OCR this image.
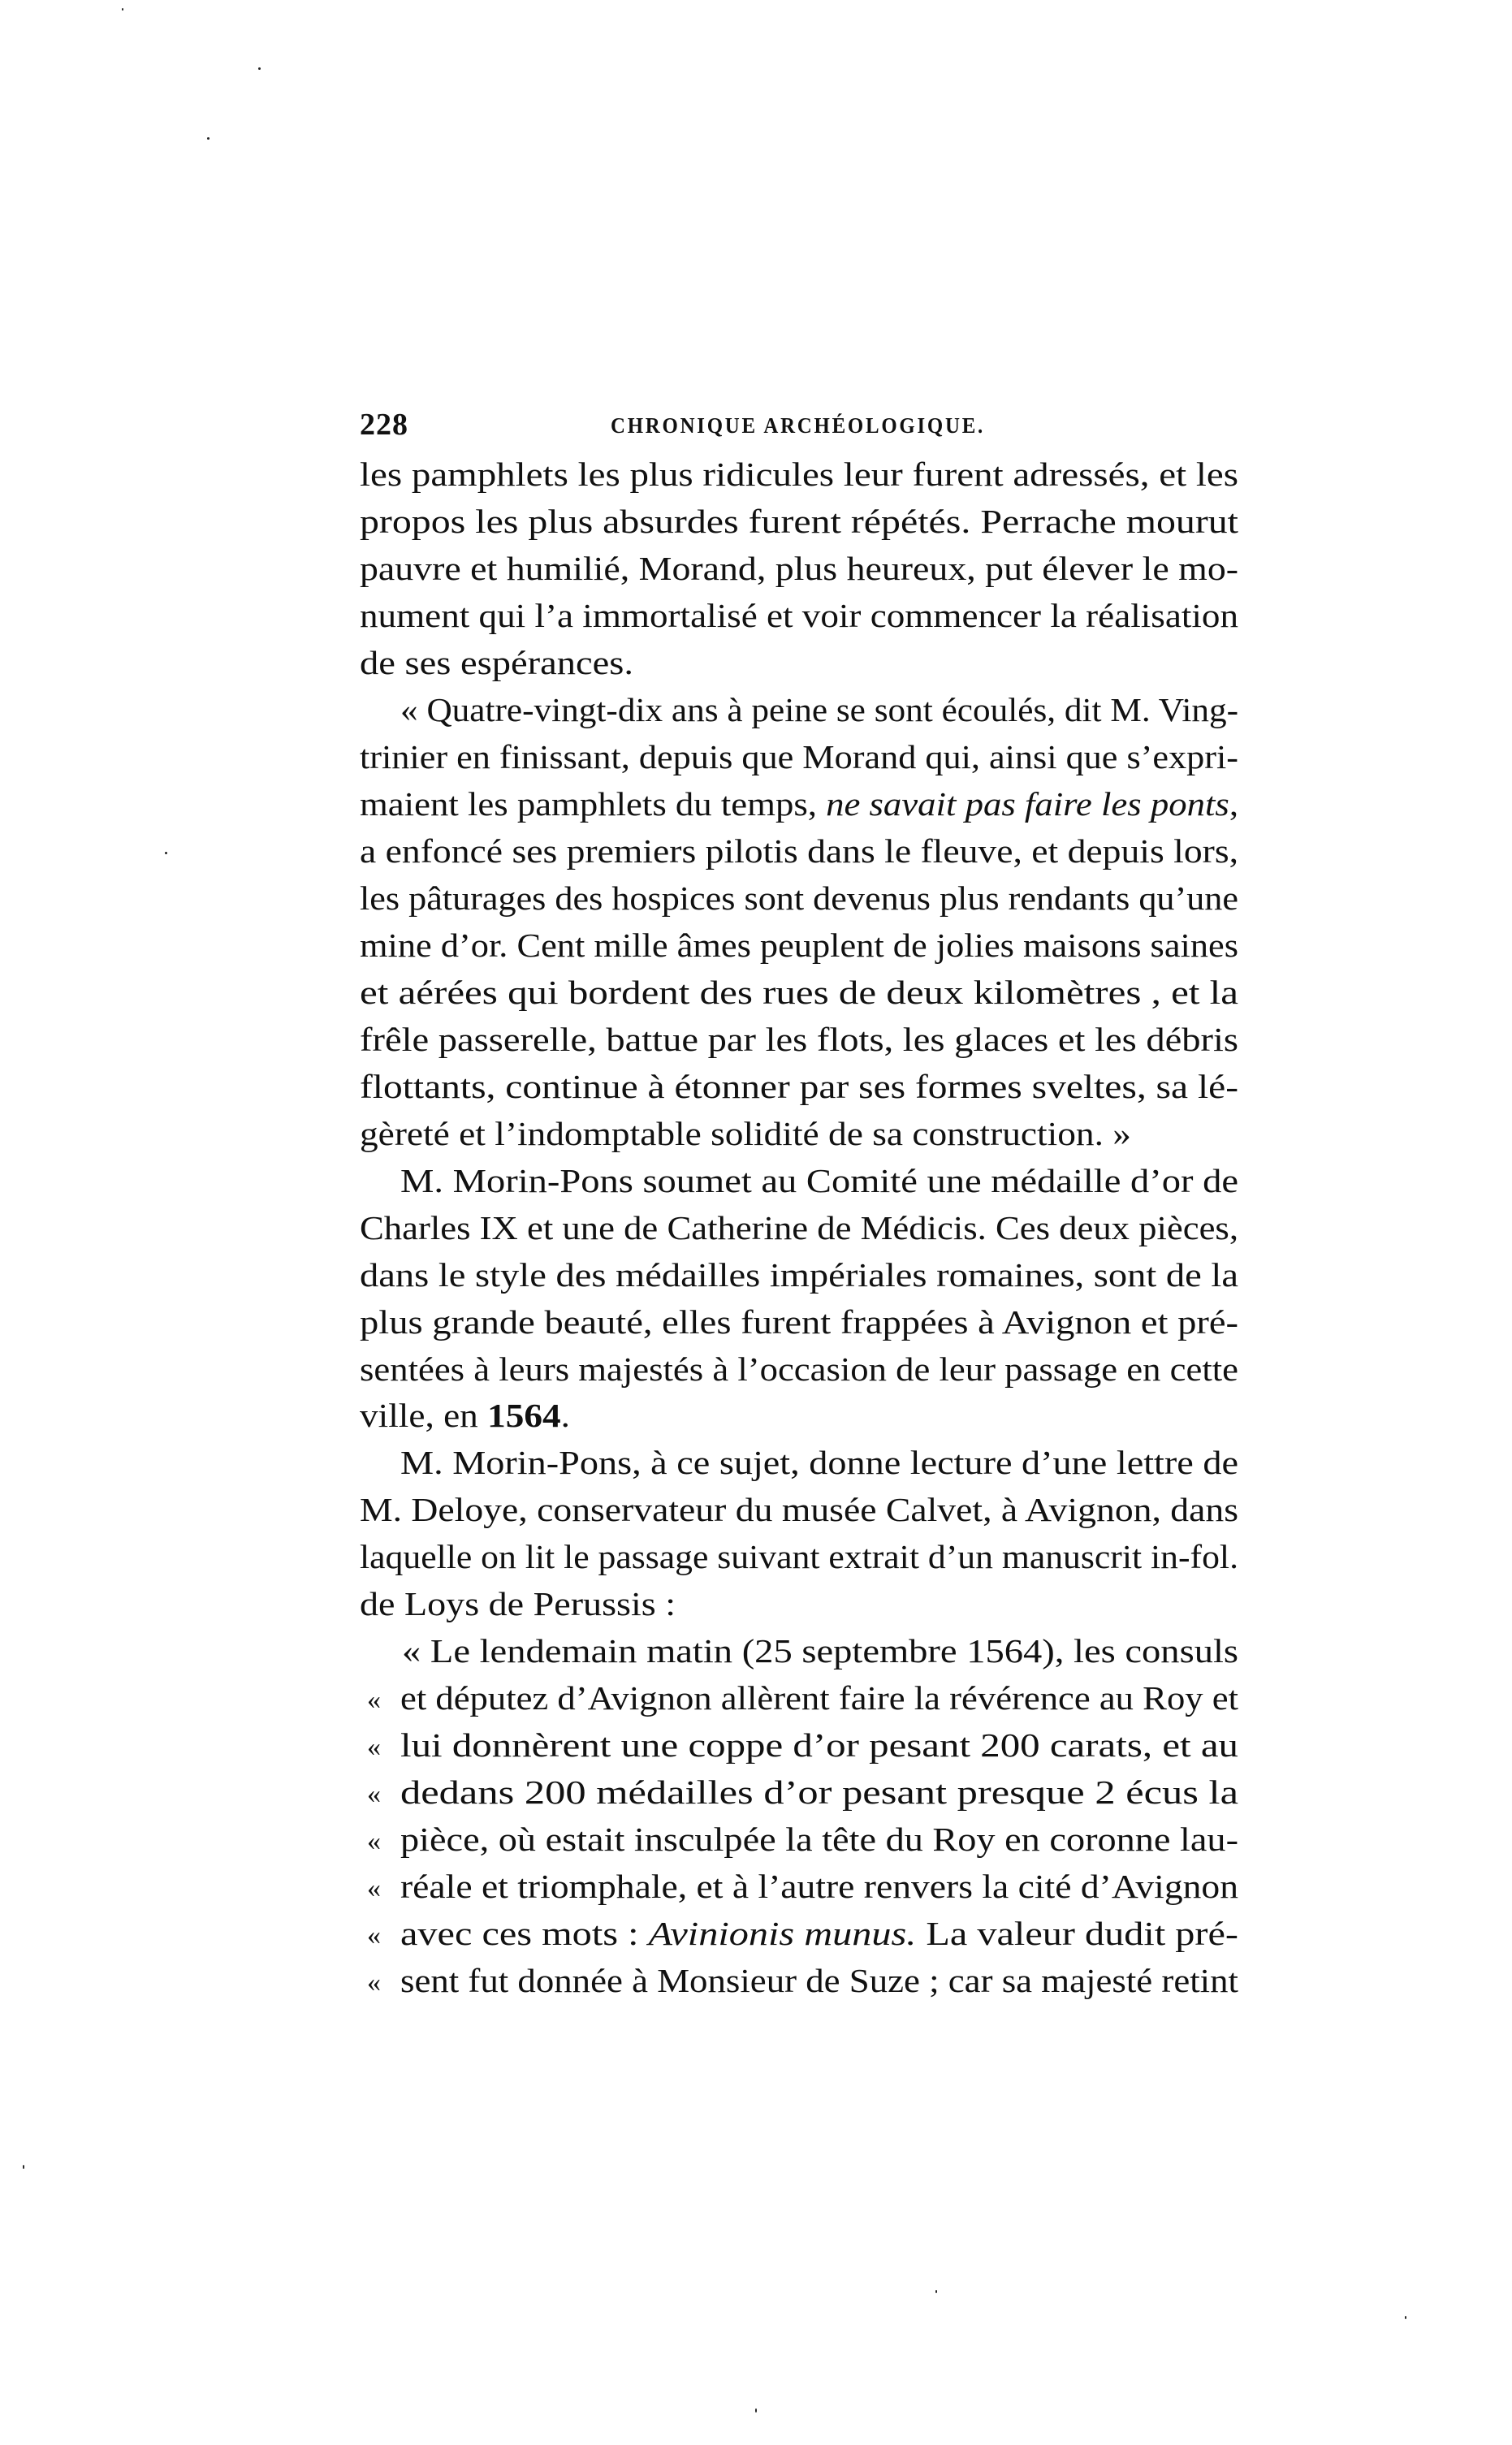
228	CHRONIQUE ARCHÉOLOGIQUE.
les pamphlets les plus ridicules leur furent adressés, et les
propos les plus absurdes furent répétés. Perrache mourut
pauvre et humilié, Morand, plus heureux, put élever le mo-
nument qui l’a immortalisé et voir commencer la réalisation
de ses espérances.
« Quatre-vingt-dix ans à peine se sont écoulés, dit M. Ving-
trinier en finissant, depuis que Morand qui, ainsi que s’expri-
maient les pamphlets du temps, ne savait pas faire les ponts,
a enfoncé ses premiers pilotis dans le fleuve, et depuis lors,
les pâturages des hospices sont devenus plus rendants qu’une
mine d’or. Cent mille âmes peuplent de jolies maisons saines
et aérées qui bordent des rues de deux kilomètres , et la
frêle passerelle, battue par les flots, les glaces et les débris
flottants, continue à étonner par ses formes sveltes, sa lé-
gèreté et l’indomptable solidité de sa construction. »
M. Morin-Pons soumet au Comité une médaille d’or de
Charles IX et une de Catherine de Médicis. Ces deux pièces,
dans le style des médailles impériales romaines, sont de la
plus grande beauté, elles furent frappées à Avignon et pré-
sentées à leurs majestés à l’occasion de leur passage en cette
ville, en 1564.
M. Morin-Pons, à ce sujet, donne lecture d’une lettre de
M. Deloye, conservateur du musée Calvet, à Avignon, dans
laquelle on lit le passage suivant extrait d’un manuscrit in-fol.
de Loys de Perussis :
« Le lendemain matin (25 septembre 1564), les consuls
« et députez d’Avignon allèrent faire la révérence au Roy et
« lui donnèrent une coppe d’or pesant 200 carats, et au
« dedans 200 médailles d’or pesant presque 2 écus la
« pièce, où estait insculpée la tête du Roy en coronne lau-
« réale et triomphale, et à l’autre renvers la cité d’Avignon
« avec ces mots : Avinionis munus. La valeur dudit pré-
« sent fut donnée à Monsieur de Suze ; car sa majesté retint
